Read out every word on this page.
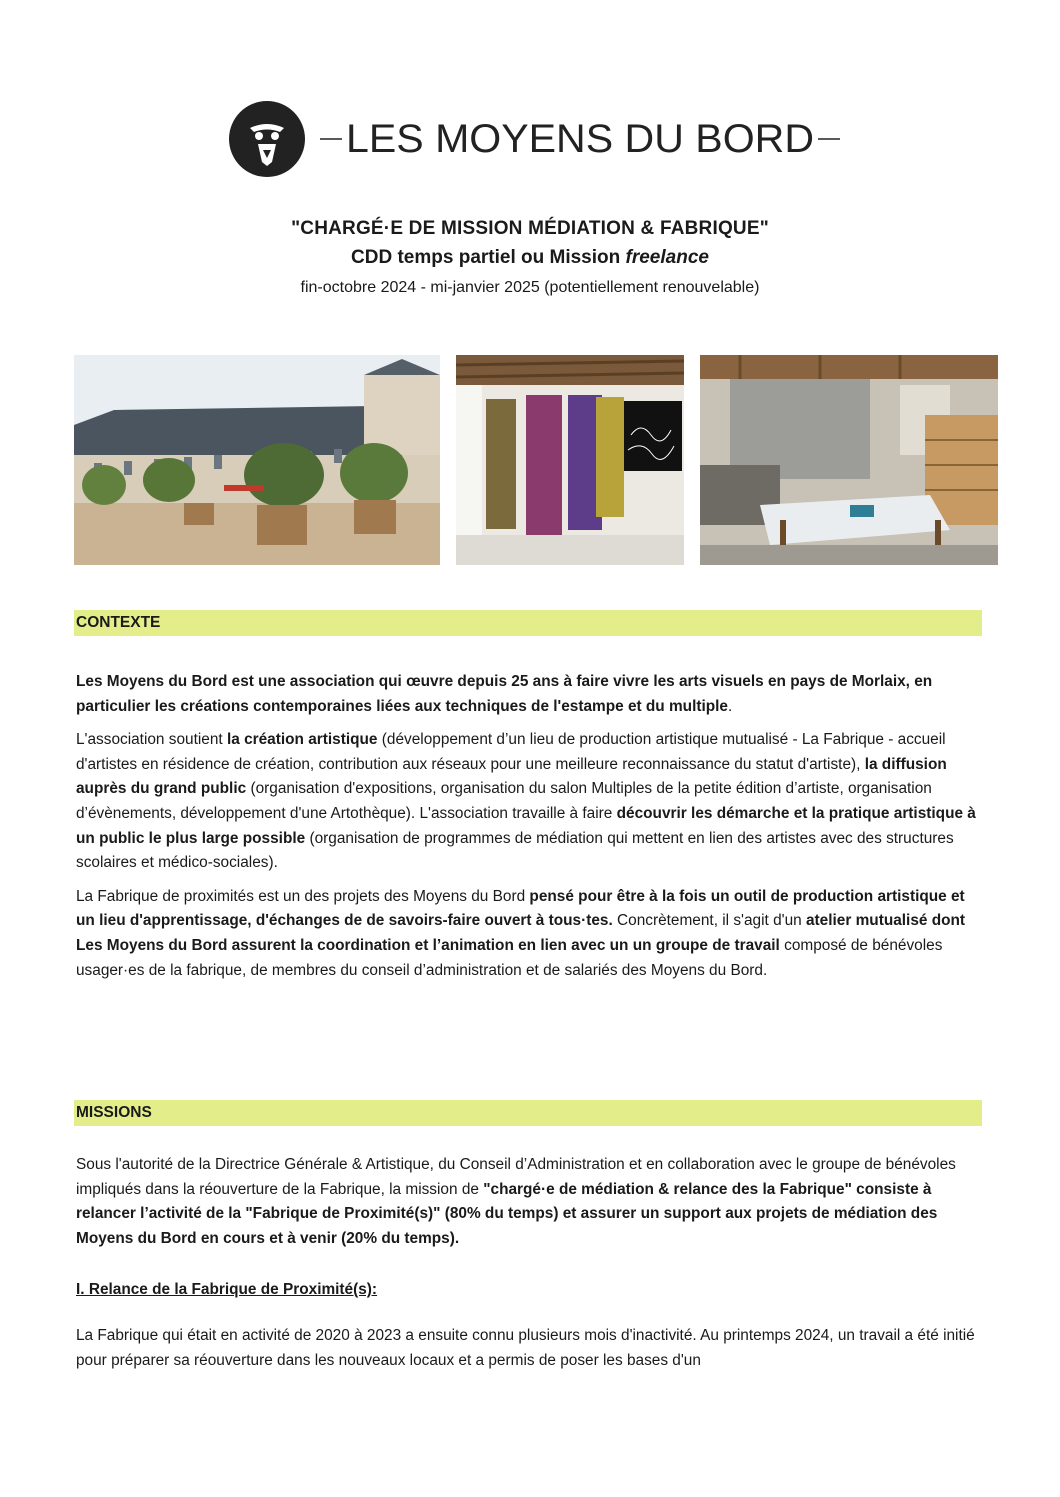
LES MOYENS DU BORD
"CHARGÉ·E DE MISSION MÉDIATION & FABRIQUE"
CDD temps partiel ou Mission freelance
fin-octobre 2024 - mi-janvier 2025 (potentiellement renouvelable)
CONTEXTE

Les Moyens du Bord est une association qui œuvre depuis 25 ans à faire vivre les arts visuels en pays de Morlaix, en particulier les créations contemporaines liées aux techniques de l'estampe et du multiple.

L'association soutient la création artistique (développement d’un lieu de production artistique mutualisé - La Fabrique - accueil d'artistes en résidence de création, contribution aux réseaux pour une meilleure reconnaissance du statut d'artiste), la diffusion auprès du grand public (organisation d'expositions, organisation du salon Multiples de la petite édition d’artiste, organisation d’évènements, développement d'une Artothèque). L'association travaille à faire découvrir les démarche et la pratique artistique à un public le plus large possible (organisation de programmes de médiation qui mettent en lien des artistes avec des structures scolaires et médico-sociales).

La Fabrique de proximités est un des projets des Moyens du Bord pensé pour être à la fois un outil de production artistique et un lieu d'apprentissage, d'échanges de de savoirs-faire ouvert à tous·tes. Concrètement, il s'agit d'un atelier mutualisé dont Les Moyens du Bord assurent la coordination et l’animation en lien avec un un groupe de travail composé de bénévoles usager·es de la fabrique, de membres du conseil d’administration et de salariés des Moyens du Bord.

MISSIONS

Sous l'autorité de la Directrice Générale & Artistique, du Conseil d’Administration et en collaboration avec le groupe de bénévoles impliqués dans la réouverture de la Fabrique, la mission de "chargé·e de médiation & relance des la Fabrique" consiste à relancer l’activité de la "Fabrique de Proximité(s)" (80% du temps) et assurer un support aux projets de médiation des Moyens du Bord en cours et à venir (20% du temps).

I. Relance de la Fabrique de Proximité(s):

La Fabrique qui était en activité de 2020 à 2023 a ensuite connu plusieurs mois d'inactivité. Au printemps 2024, un travail a été initié pour préparer sa réouverture dans les nouveaux locaux et a permis de poser les bases d'un
